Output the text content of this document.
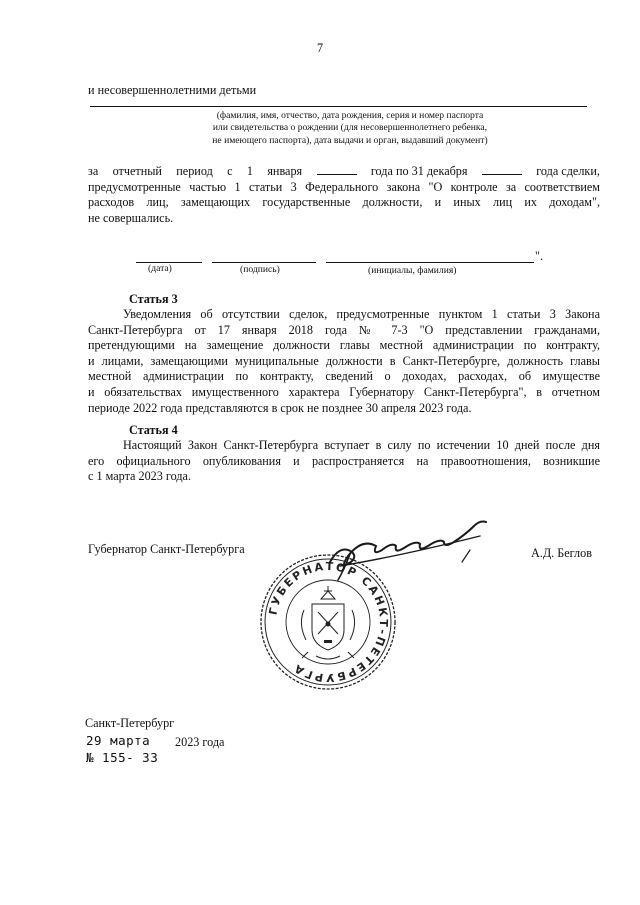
7
и несовершеннолетними детьми
(фамилия, имя, отчество, дата рождения, серия и номер паспорта
или свидетельства о рождении (для несовершеннолетнего ребенка,
не имеющего паспорта), дата выдачи и орган, выдавший документ)
за отчетный период с 1 января	года по 31 декабря	года сделки,
предусмотренные частью 1 статьи 3 Федерального закона "О контроле за соответствием
расходов лиц, замещающих государственные должности, и иных лиц их доходам",
не совершались.
".
(дата)	(подпись)	(инициалы, фамилия)
Статья 3
Уведомления об отсутствии сделок, предусмотренные пунктом 1 статьи 3 Закона
Санкт-Петербурга от 17 января 2018 года № 7-3 "О представлении гражданами,
претендующими на замещение должности главы местной администрации по контракту,
и лицами, замещающими муниципальные должности в Санкт-Петербурге, должность главы
местной администрации по контракту, сведений о доходах, расходах, об имуществе
и обязательствах имущественного характера Губернатору Санкт-Петербурга", в отчетном
периоде 2022 года представляются в срок не позднее 30 апреля 2023 года.
Статья 4
Настоящий Закон Санкт-Петербурга вступает в силу по истечении 10 дней после дня
его официального опубликования и распространяется на правоотношения, возникшие
с 1 марта 2023 года.
ГУБЕРНАТОР САНКТ-ПЕТЕРБУРГА
Губернатор Санкт-Петербурга	А.Д. Беглов
Санкт-Петербург
29 марта 2023 года
№ 155- 33
